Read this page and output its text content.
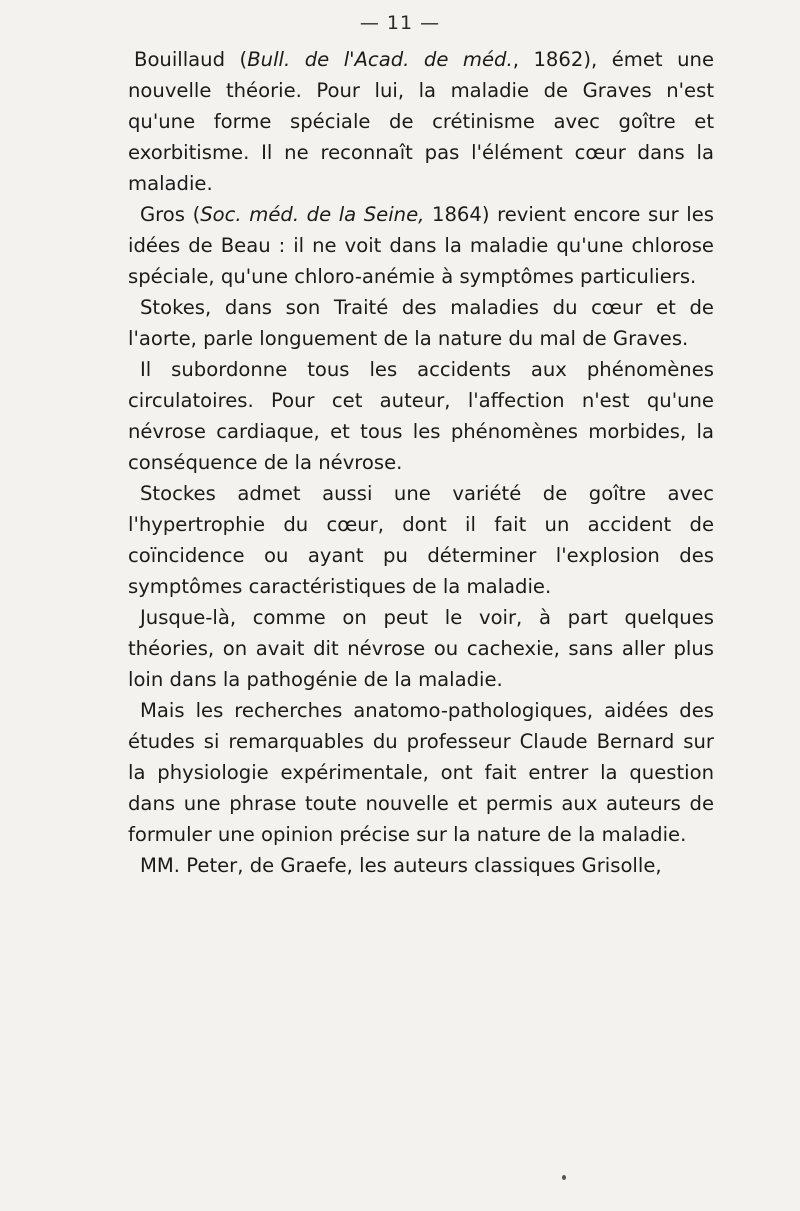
— 11 —

Bouillaud (Bull. de l'Acad. de méd., 1862), émet une nouvelle théorie. Pour lui, la maladie de Graves n'est qu'une forme spéciale de crétinisme avec goître et exorbitisme. Il ne reconnaît pas l'élément cœur dans la maladie.

Gros (Soc. méd. de la Seine, 1864) revient encore sur les idées de Beau : il ne voit dans la maladie qu'une chlorose spéciale, qu'une chloro-anémie à symptômes particuliers.

Stokes, dans son Traité des maladies du cœur et de l'aorte, parle longuement de la nature du mal de Graves.

Il subordonne tous les accidents aux phénomènes circulatoires. Pour cet auteur, l'affection n'est qu'une névrose cardiaque, et tous les phénomènes morbides, la conséquence de la névrose.

Stockes admet aussi une variété de goître avec l'hypertrophie du cœur, dont il fait un accident de coïncidence ou ayant pu déterminer l'explosion des symptômes caractéristiques de la maladie.

Jusque-là, comme on peut le voir, à part quelques théories, on avait dit névrose ou cachexie, sans aller plus loin dans la pathogénie de la maladie.

Mais les recherches anatomo-pathologiques, aidées des études si remarquables du professeur Claude Bernard sur la physiologie expérimentale, ont fait entrer la question dans une phrase toute nouvelle et permis aux auteurs de formuler une opinion précise sur la nature de la maladie.

MM. Peter, de Graefe, les auteurs classiques Grisolle,
